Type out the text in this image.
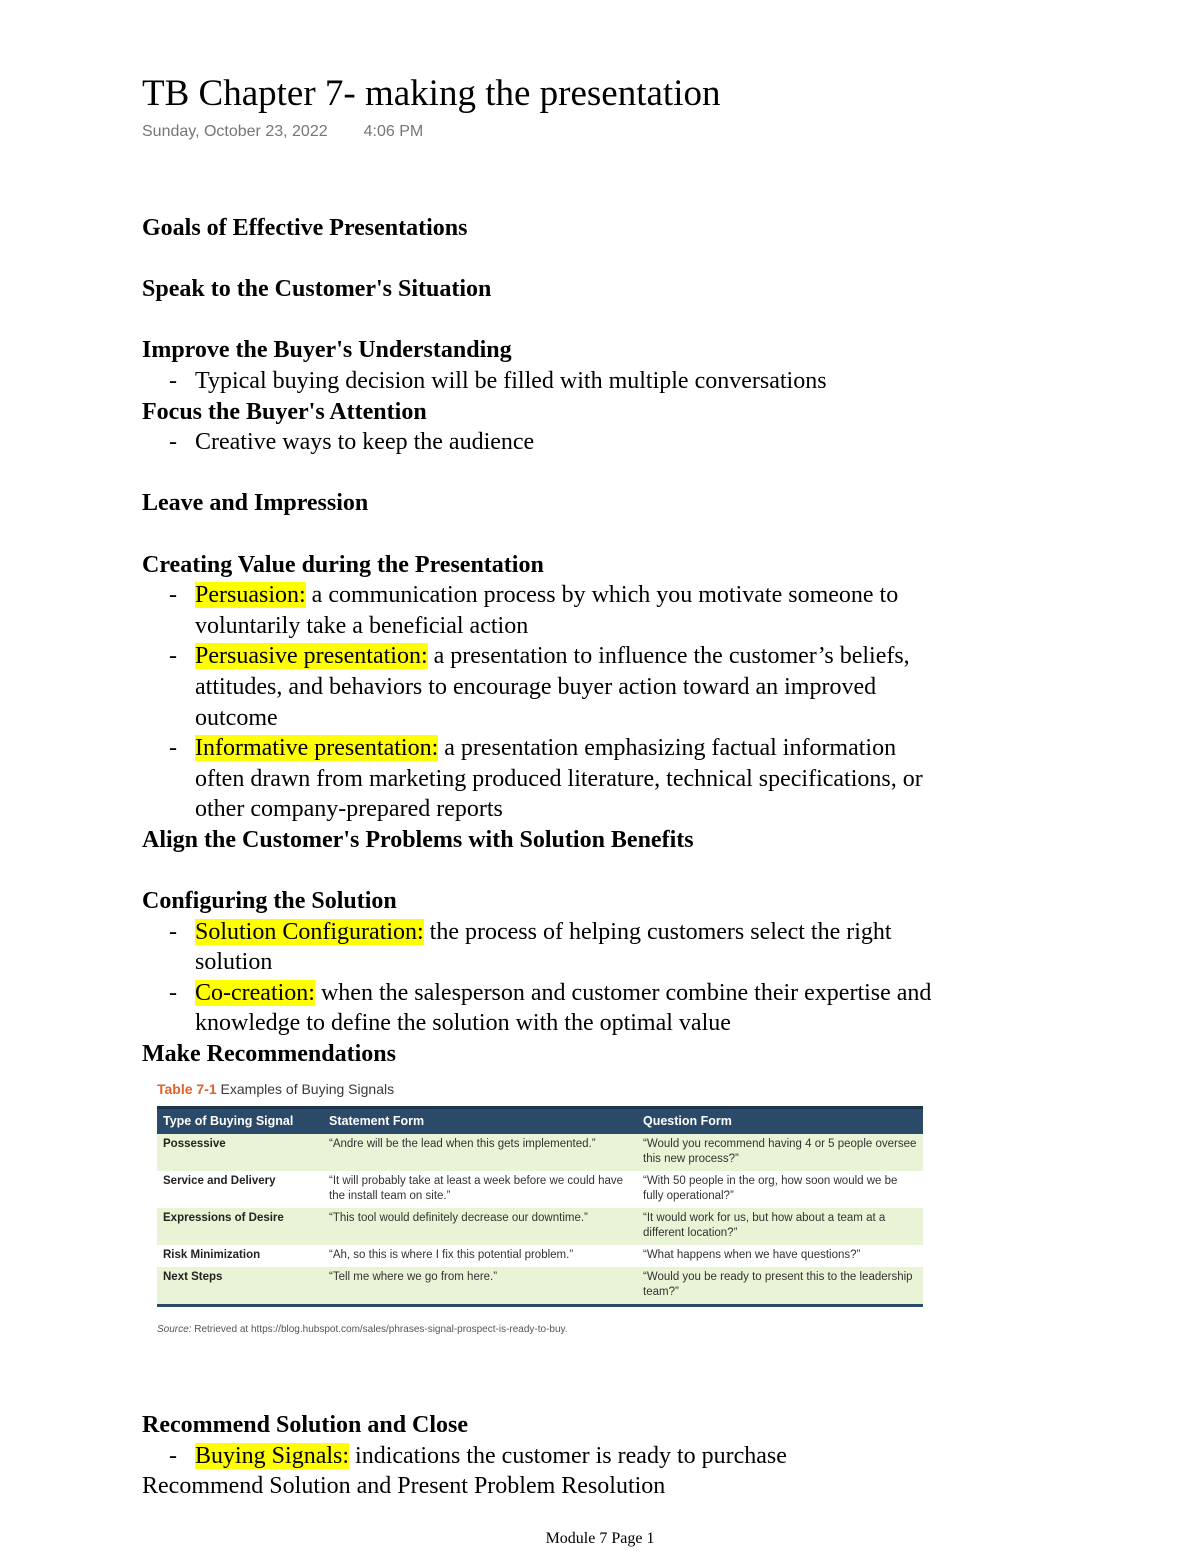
TB Chapter 7- making the presentation
Sunday, October 23, 2022 4:06 PM
Goals of Effective Presentations
Speak to the Customer's Situation
Improve the Buyer's Understanding
- Typical buying decision will be filled with multiple conversations
Focus the Buyer's Attention
- Creative ways to keep the audience
Leave and Impression
Creating Value during the Presentation
- Persuasion: a communication process by which you motivate someone to
voluntarily take a beneficial action
- Persuasive presentation: a presentation to influence the customer’s beliefs,
attitudes, and behaviors to encourage buyer action toward an improved
outcome
- Informative presentation: a presentation emphasizing factual information
often drawn from marketing produced literature, technical specifications, or
other company-prepared reports
Align the Customer's Problems with Solution Benefits
Configuring the Solution
- Solution Configuration: the process of helping customers select the right
solution
- Co-creation: when the salesperson and customer combine their expertise and
knowledge to define the solution with the optimal value
Make Recommendations
Table 7-1 Examples of Buying Signals
Type of Buying Signal	Statement Form	Question Form
Possessive	“Andre will be the lead when this gets implemented.”	“Would you recommend having 4 or 5 people oversee this new process?”
Service and Delivery	“It will probably take at least a week before we could have the install team on site.”	“With 50 people in the org, how soon would we be fully operational?”
Expressions of Desire	“This tool would definitely decrease our downtime.”	“It would work for us, but how about a team at a different location?”
Risk Minimization	“Ah, so this is where I fix this potential problem.”	“What happens when we have questions?”
Next Steps	“Tell me where we go from here.”	“Would you be ready to present this to the leadership team?”
Source: Retrieved at https://blog.hubspot.com/sales/phrases-signal-prospect-is-ready-to-buy.
Recommend Solution and Close
- Buying Signals: indications the customer is ready to purchase
Recommend Solution and Present Problem Resolution
Module 7 Page 1
